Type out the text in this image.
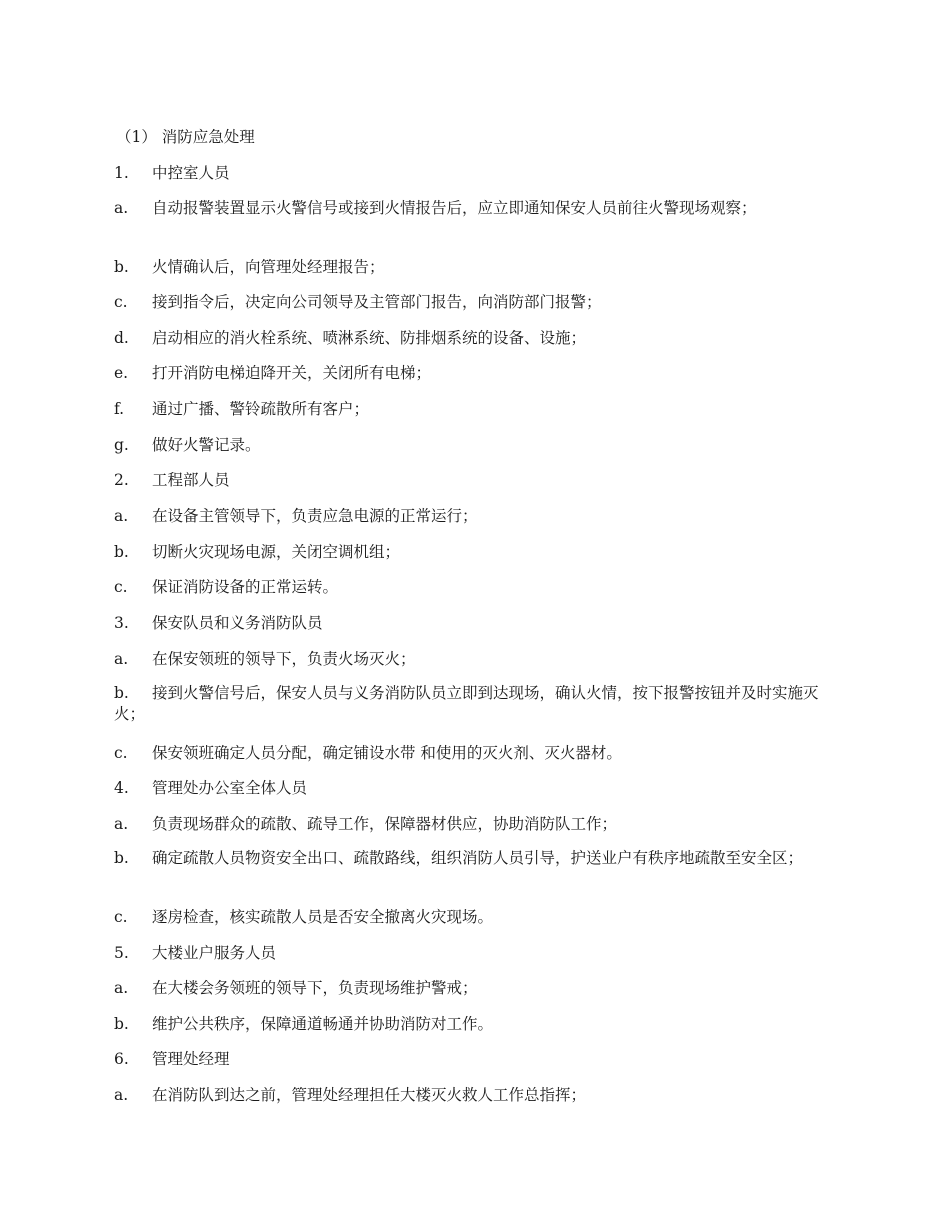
（1） 消防应急处理
1. 中控室人员
a. 自动报警装置显示火警信号或接到火情报告后，应立即通知保安人员前往火警现场观察；
b. 火情确认后，向管理处经理报告；
c. 接到指令后，决定向公司领导及主管部门报告，向消防部门报警；
d. 启动相应的消火栓系统、喷淋系统、防排烟系统的设备、设施；
e. 打开消防电梯迫降开关，关闭所有电梯；
f. 通过广播、警铃疏散所有客户；
g. 做好火警记录。
2. 工程部人员
a. 在设备主管领导下，负责应急电源的正常运行；
b. 切断火灾现场电源，关闭空调机组；
c. 保证消防设备的正常运转。
3. 保安队员和义务消防队员
a. 在保安领班的领导下，负责火场灭火；
b. 接到火警信号后，保安人员与义务消防队员立即到达现场，确认火情，按下报警按钮并及时实施灭火；
c. 保安领班确定人员分配，确定铺设水带 和使用的灭火剂、灭火器材。
4. 管理处办公室全体人员
a. 负责现场群众的疏散、疏导工作，保障器材供应，协助消防队工作；
b. 确定疏散人员物资安全出口、疏散路线，组织消防人员引导，护送业户有秩序地疏散至安全区；
c. 逐房检查，核实疏散人员是否安全撤离火灾现场。
5. 大楼业户服务人员
a. 在大楼会务领班的领导下，负责现场维护警戒；
b. 维护公共秩序，保障通道畅通并协助消防对工作。
6. 管理处经理
a. 在消防队到达之前，管理处经理担任大楼灭火救人工作总指挥；
